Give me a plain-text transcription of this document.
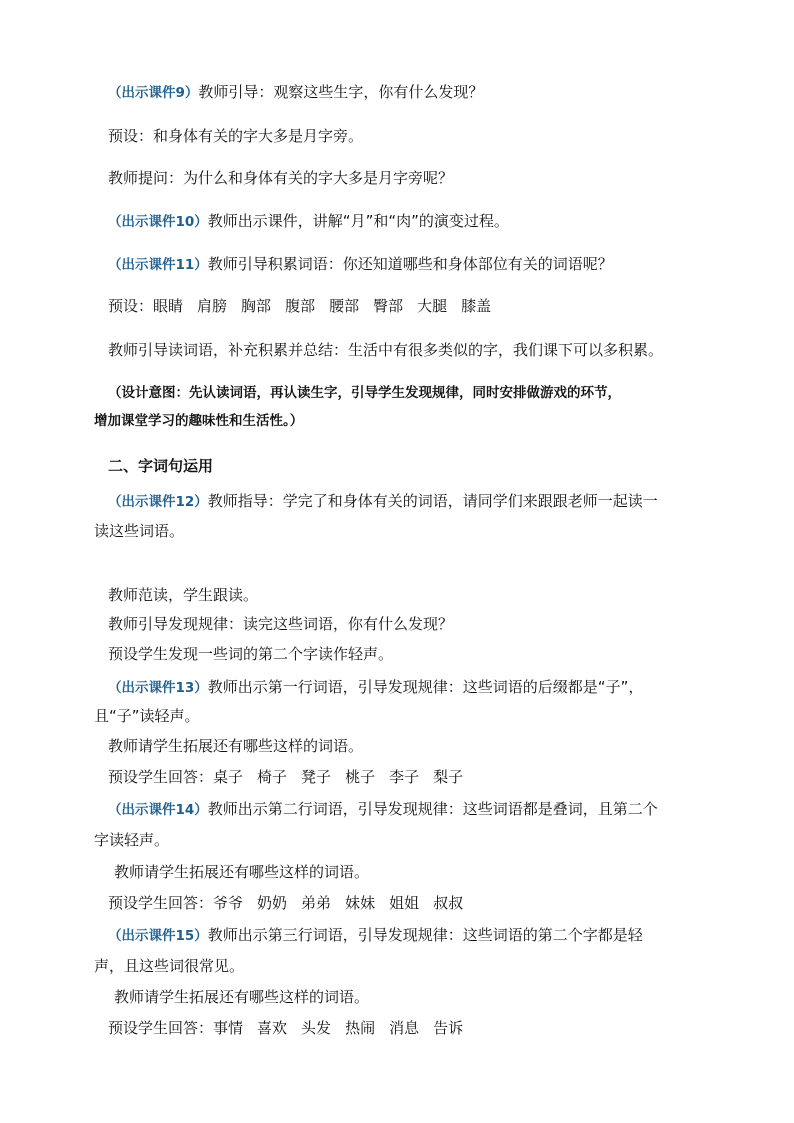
（出示课件9）教师引导：观察这些生字，你有什么发现？
预设：和身体有关的字大多是月字旁。
教师提问：为什么和身体有关的字大多是月字旁呢？
（出示课件10）教师出示课件，讲解“月”和“肉”的演变过程。
（出示课件11）教师引导积累词语：你还知道哪些和身体部位有关的词语呢？
预设：眼睛 肩膀 胸部 腹部 腰部 臀部 大腿 膝盖
教师引导读词语，补充积累并总结：生活中有很多类似的字，我们课下可以多积累。
（设计意图：先认读词语，再认读生字，引导学生发现规律，同时安排做游戏的环节，
增加课堂学习的趣味性和生活性。）
二、字词句运用
（出示课件12）教师指导：学完了和身体有关的词语，请同学们来跟跟老师一起读一
读这些词语。
教师范读，学生跟读。
教师引导发现规律：读完这些词语，你有什么发现？
预设学生发现一些词的第二个字读作轻声。
（出示课件13）教师出示第一行词语，引导发现规律：这些词语的后缀都是“子”，
且“子”读轻声。
教师请学生拓展还有哪些这样的词语。
预设学生回答：桌子 椅子 凳子 桃子 李子 梨子
（出示课件14）教师出示第二行词语，引导发现规律：这些词语都是叠词，且第二个
字读轻声。
教师请学生拓展还有哪些这样的词语。
预设学生回答：爷爷 奶奶 弟弟 妹妹 姐姐 叔叔
（出示课件15）教师出示第三行词语，引导发现规律：这些词语的第二个字都是轻
声，且这些词很常见。
教师请学生拓展还有哪些这样的词语。
预设学生回答：事情 喜欢 头发 热闹 消息 告诉
